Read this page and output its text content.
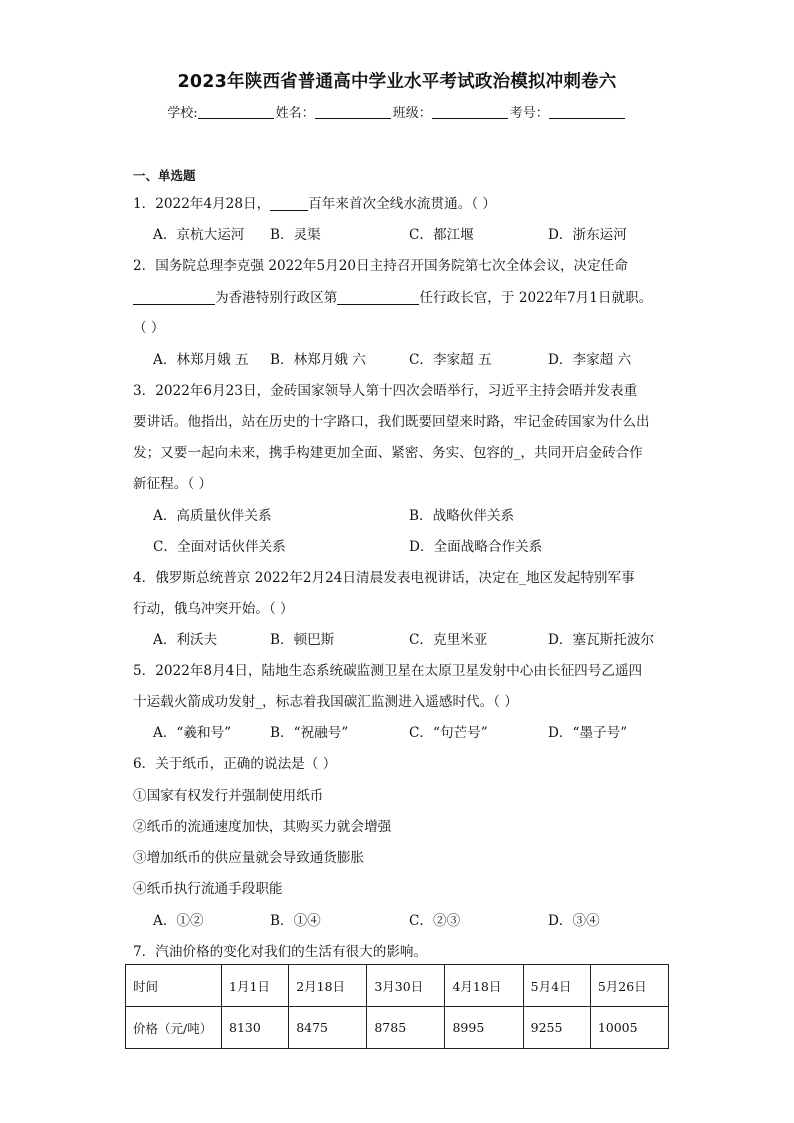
2023年陕西省普通高中学业水平考试政治模拟冲刺卷六
学校:	姓名：	班级：	考号：
一、单选题
1．2022年4月28日，	百年来首次全线水流贯通。（ ）
A．京杭大运河 B．灵渠	C．都江堰	D．浙东运河
2．国务院总理李克强 2022年5月20日主持召开国务院第七次全体会议，决定任命
为香港特别行政区第	任行政长官，于 2022年7月1日就职。
（ ）
A．林郑月娥 五 B．林郑月娥 六	C．李家超 五	D．李家超 六
3．2022年6月23日，金砖国家领导人第十四次会晤举行，习近平主持会晤并发表重
要讲话。他指出，站在历史的十字路口，我们既要回望来时路，牢记金砖国家为什么出
发；又要一起向未来，携手构建更加全面、紧密、务实、包容的_，共同开启金砖合作
新征程。（ ）
A．高质量伙伴关系	B．战略伙伴关系
C．全面对话伙伴关系	D．全面战略合作关系
4．俄罗斯总统普京 2022年2月24日清晨发表电视讲话，决定在_地区发起特别军事
行动，俄乌冲突开始。（ ）
A．利沃夫	B．顿巴斯	C．克里米亚	D．塞瓦斯托波尔
5．2022年8月4日，陆地生态系统碳监测卫星在太原卫星发射中心由长征四号乙遥四
十运载火箭成功发射_，标志着我国碳汇监测进入遥感时代。（ ）
A．“羲和号”	B．“祝融号”	C．“句芒号”	D．“墨子号”
6．关于纸币，正确的说法是（ ）
①国家有权发行并强制使用纸币
②纸币的流通速度加快，其购买力就会增强
③增加纸币的供应量就会导致通货膨胀
④纸币执行流通手段职能
A．①②	B．①④	C．②③	D．③④
7．汽油价格的变化对我们的生活有很大的影响。
时间	1月1日	2月18日	3月30日	4月18日	5月4日	5月26日
价格（元/吨）	8130	8475	8785	8995	9255	10005
